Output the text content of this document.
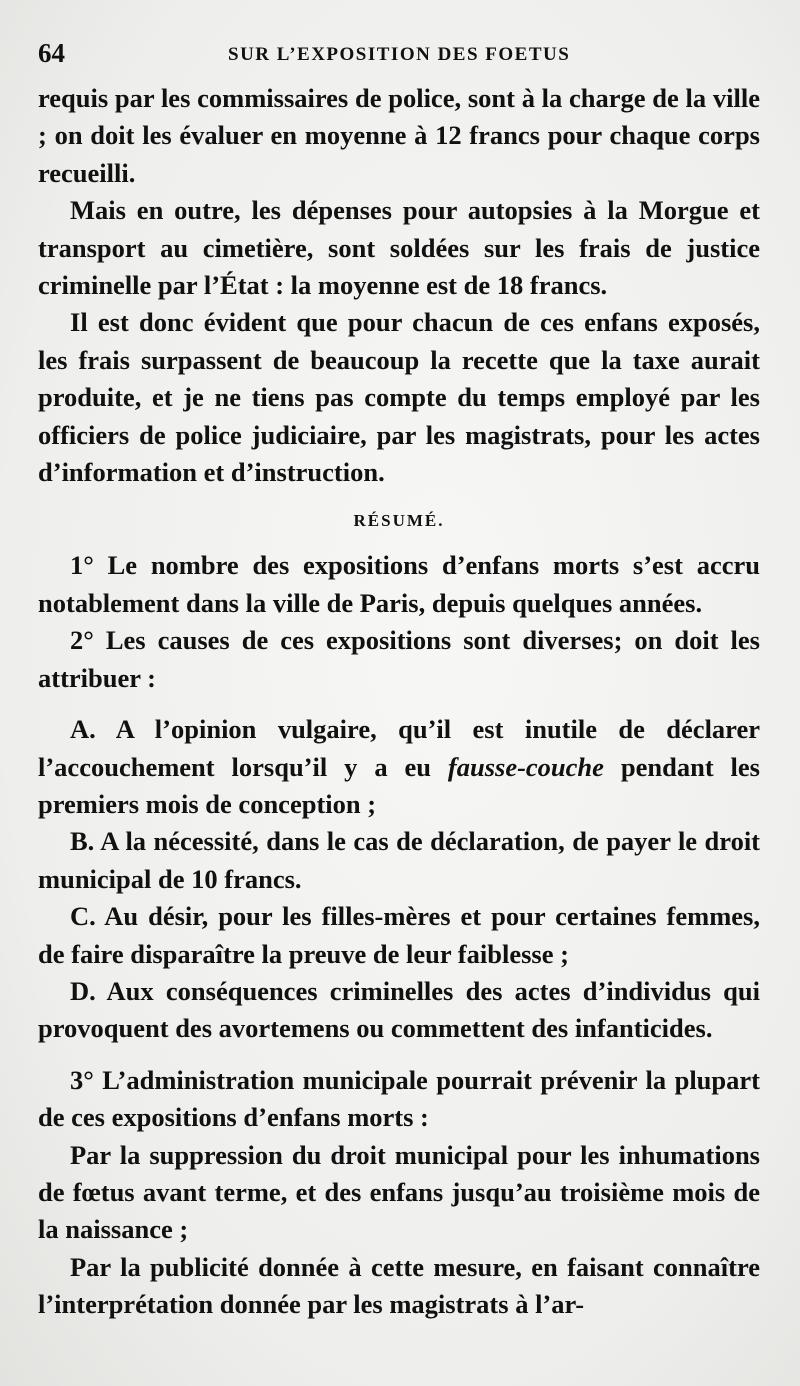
64	SUR L’EXPOSITION DES FOETUS

requis par les commissaires de police, sont à la charge de la ville ; on doit les évaluer en moyenne à 12 francs pour chaque corps recueilli.

Mais en outre, les dépenses pour autopsies à la Morgue et transport au cimetière, sont soldées sur les frais de justice criminelle par l’État : la moyenne est de 18 francs.

Il est donc évident que pour chacun de ces enfans exposés, les frais surpassent de beaucoup la recette que la taxe aurait produite, et je ne tiens pas compte du temps employé par les officiers de police judiciaire, par les magistrats, pour les actes d’information et d’instruction.

RÉSUMÉ.

1° Le nombre des expositions d’enfans morts s’est accru notablement dans la ville de Paris, depuis quelques années.

2° Les causes de ces expositions sont diverses; on doit les attribuer :

A. A l’opinion vulgaire, qu’il est inutile de déclarer l’accouchement lorsqu’il y a eu fausse-couche pendant les premiers mois de conception ;

B. A la nécessité, dans le cas de déclaration, de payer le droit municipal de 10 francs.

C. Au désir, pour les filles-mères et pour certaines femmes, de faire disparaître la preuve de leur faiblesse ;

D. Aux conséquences criminelles des actes d’individus qui provoquent des avortemens ou commettent des infanticides.

3° L’administration municipale pourrait prévenir la plupart de ces expositions d’enfans morts :

Par la suppression du droit municipal pour les inhumations de fœtus avant terme, et des enfans jusqu’au troisième mois de la naissance ;

Par la publicité donnée à cette mesure, en faisant connaître l’interprétation donnée par les magistrats à l’ar-
